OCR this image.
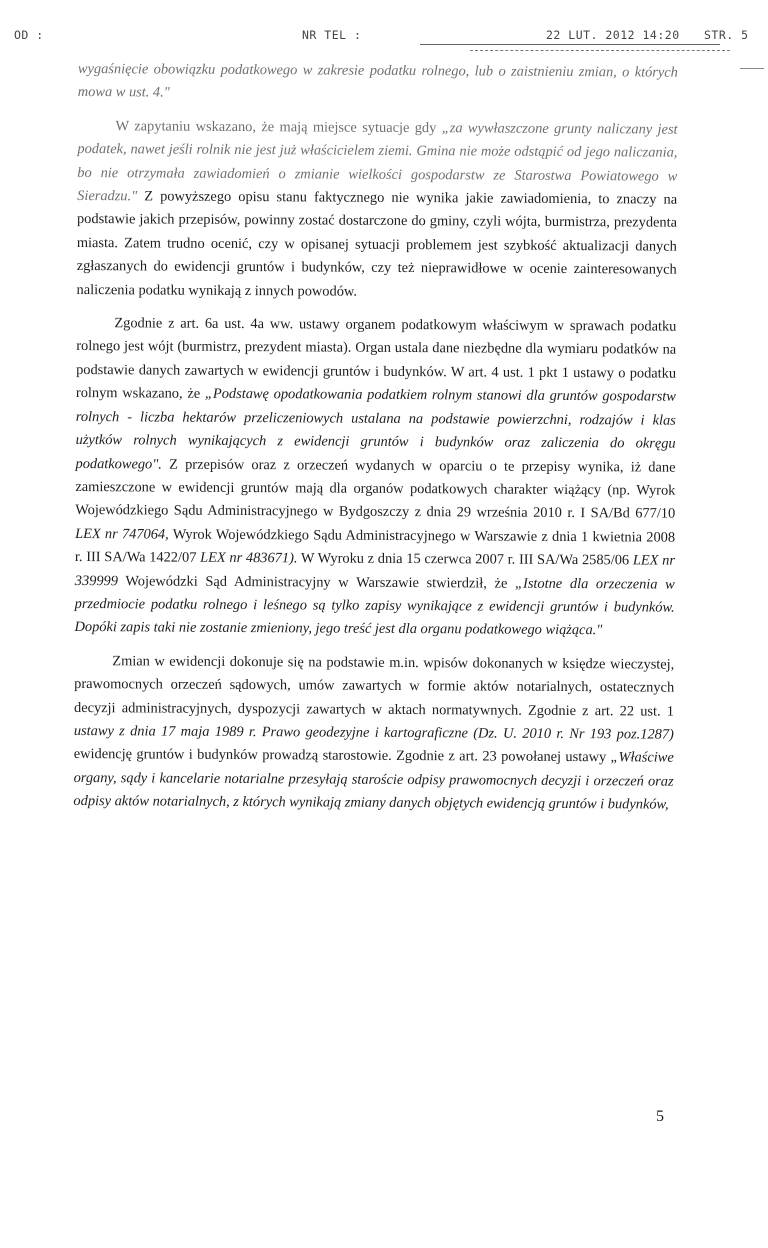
OD :	NR TEL :	22 LUT. 2012 14:20 STR. 5

wygaśnięcie obowiązku podatkowego w zakresie podatku rolnego, lub o zaistnieniu zmian, o których mowa w ust. 4."

W zapytaniu wskazano, że mają miejsce sytuacje gdy „za wywłaszczone grunty naliczany jest podatek, nawet jeśli rolnik nie jest już właścicielem ziemi. Gmina nie może odstąpić od jego naliczania, bo nie otrzymała zawiadomień o zmianie wielkości gospodarstw ze Starostwa Powiatowego w Sieradzu." Z powyższego opisu stanu faktycznego nie wynika jakie zawiadomienia, to znaczy na podstawie jakich przepisów, powinny zostać dostarczone do gminy, czyli wójta, burmistrza, prezydenta miasta. Zatem trudno ocenić, czy w opisanej sytuacji problemem jest szybkość aktualizacji danych zgłaszanych do ewidencji gruntów i budynków, czy też nieprawidłowe w ocenie zainteresowanych naliczenia podatku wynikają z innych powodów.

Zgodnie z art. 6a ust. 4a ww. ustawy organem podatkowym właściwym w sprawach podatku rolnego jest wójt (burmistrz, prezydent miasta). Organ ustala dane niezbędne dla wymiaru podatków na podstawie danych zawartych w ewidencji gruntów i budynków. W art. 4 ust. 1 pkt 1 ustawy o podatku rolnym wskazano, że „Podstawę opodatkowania podatkiem rolnym stanowi dla gruntów gospodarstw rolnych - liczba hektarów przeliczeniowych ustalana na podstawie powierzchni, rodzajów i klas użytków rolnych wynikających z ewidencji gruntów i budynków oraz zaliczenia do okręgu podatkowego". Z przepisów oraz z orzeczeń wydanych w oparciu o te przepisy wynika, iż dane zamieszczone w ewidencji gruntów mają dla organów podatkowych charakter wiążący (np. Wyrok Wojewódzkiego Sądu Administracyjnego w Bydgoszczy z dnia 29 września 2010 r. I SA/Bd 677/10 LEX nr 747064, Wyrok Wojewódzkiego Sądu Administracyjnego w Warszawie z dnia 1 kwietnia 2008 r. III SA/Wa 1422/07 LEX nr 483671). W Wyroku z dnia 15 czerwca 2007 r. III SA/Wa 2585/06 LEX nr 339999 Wojewódzki Sąd Administracyjny w Warszawie stwierdził, że „Istotne dla orzeczenia w przedmiocie podatku rolnego i leśnego są tylko zapisy wynikające z ewidencji gruntów i budynków. Dopóki zapis taki nie zostanie zmieniony, jego treść jest dla organu podatkowego wiążąca."

Zmian w ewidencji dokonuje się na podstawie m.in. wpisów dokonanych w księdze wieczystej, prawomocnych orzeczeń sądowych, umów zawartych w formie aktów notarialnych, ostatecznych decyzji administracyjnych, dyspozycji zawartych w aktach normatywnych. Zgodnie z art. 22 ust. 1 ustawy z dnia 17 maja 1989 r. Prawo geodezyjne i kartograficzne (Dz. U. 2010 r. Nr 193 poz.1287) ewidencję gruntów i budynków prowadzą starostowie. Zgodnie z art. 23 powołanej ustawy „Właściwe organy, sądy i kancelarie notarialne przesyłają staroście odpisy prawomocnych decyzji i orzeczeń oraz odpisy aktów notarialnych, z których wynikają zmiany danych objętych ewidencją gruntów i budynków,

5
